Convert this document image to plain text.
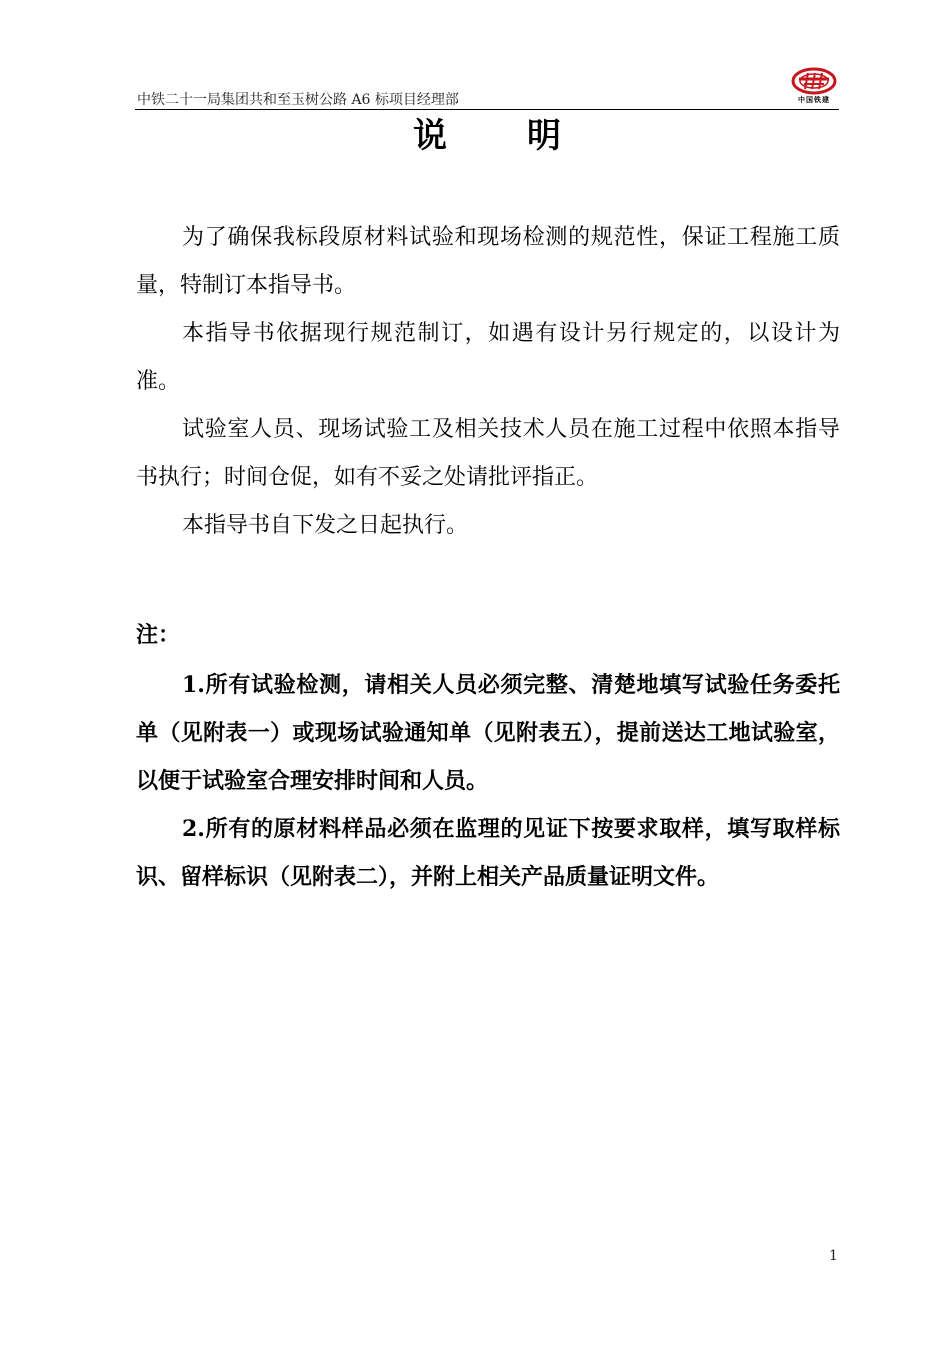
中铁二十一局集团共和至玉树公路 A6 标项目经理部	中国铁建
说明

为了确保我标段原材料试验和现场检测的规范性，保证工程施工质量，特制订本指导书。

本指导书依据现行规范制订，如遇有设计另行规定的，以设计为准。

试验室人员、现场试验工及相关技术人员在施工过程中依照本指导书执行；时间仓促，如有不妥之处请批评指正。

本指导书自下发之日起执行。

注：

1.所有试验检测，请相关人员必须完整、清楚地填写试验任务委托单（见附表一）或现场试验通知单（见附表五），提前送达工地试验室，以便于试验室合理安排时间和人员。

2.所有的原材料样品必须在监理的见证下按要求取样，填写取样标识、留样标识（见附表二），并附上相关产品质量证明文件。

1
